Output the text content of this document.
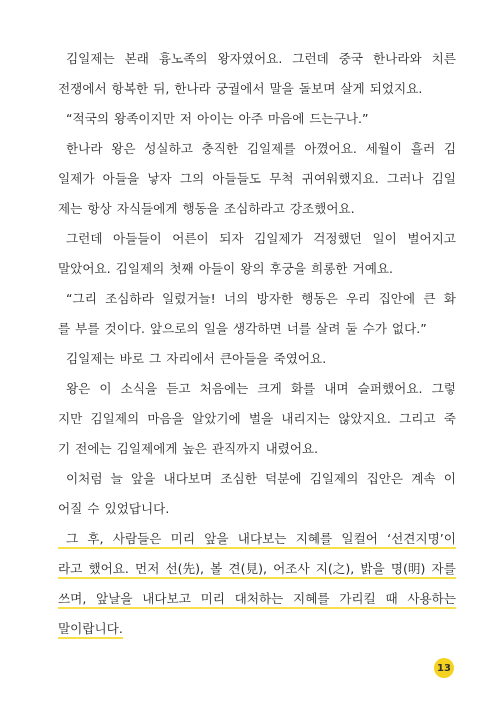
김일제는 본래 흉노족의 왕자였어요. 그런데 중국 한나라와 치른
전쟁에서 항복한 뒤, 한나라 궁궐에서 말을 돌보며 살게 되었지요.
“적국의 왕족이지만 저 아이는 아주 마음에 드는구나.”
한나라 왕은 성실하고 충직한 김일제를 아꼈어요. 세월이 흘러 김
일제가 아들을 낳자 그의 아들들도 무척 귀여워했지요. 그러나 김일
제는 항상 자식들에게 행동을 조심하라고 강조했어요.
그런데 아들들이 어른이 되자 김일제가 걱정했던 일이 벌어지고
말았어요. 김일제의 첫째 아들이 왕의 후궁을 희롱한 거예요.
“그리 조심하라 일렀거늘! 너의 방자한 행동은 우리 집안에 큰 화
를 부를 것이다. 앞으로의 일을 생각하면 너를 살려 둘 수가 없다.”
김일제는 바로 그 자리에서 큰아들을 죽였어요.
왕은 이 소식을 듣고 처음에는 크게 화를 내며 슬퍼했어요. 그렇
지만 김일제의 마음을 알았기에 벌을 내리지는 않았지요. 그리고 죽
기 전에는 김일제에게 높은 관직까지 내렸어요.
이처럼 늘 앞을 내다보며 조심한 덕분에 김일제의 집안은 계속 이
어질 수 있었답니다.
그 후, 사람들은 미리 앞을 내다보는 지혜를 일컬어 ‘선견지명’이
라고 했어요. 먼저 선(先), 볼 견(見), 어조사 지(之), 밝을 명(明) 자를
쓰며, 앞날을 내다보고 미리 대처하는 지혜를 가리킬 때 사용하는
말이랍니다.
13
